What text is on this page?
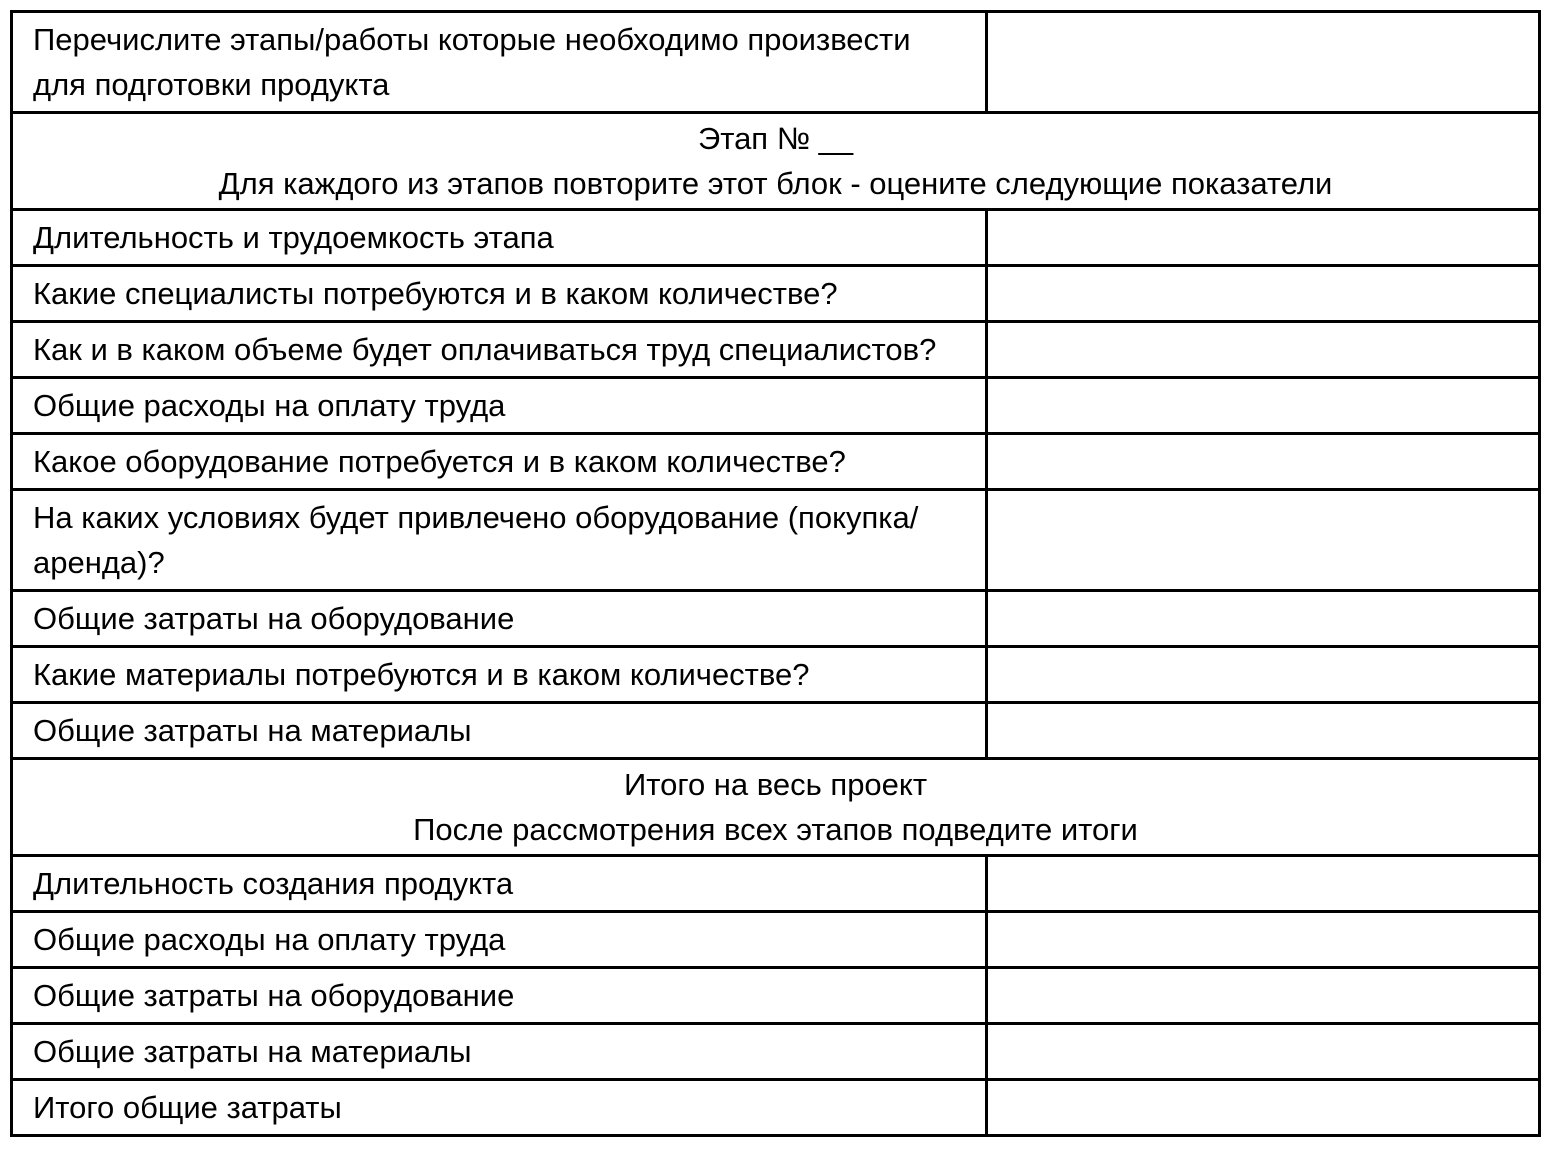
Перечислите этапы/работы которые необходимо произвести для подготовки продукта	

Этап № __
Для каждого из этапов повторите этот блок - оцените следующие показатели	

Длительность и трудоемкость этапа	
Какие специалисты потребуются и в каком количестве?	
Как и в каком объеме будет оплачиваться труд специалистов?	
Общие расходы на оплату труда	
Какое оборудование потребуется и в каком количестве?	
На каких условиях будет привлечено оборудование (покупка/аренда)?	
Общие затраты на оборудование	
Какие материалы потребуются и в каком количестве?	
Общие затраты на материалы	

Итого на весь проект
После рассмотрения всех этапов подведите итоги	

Длительность создания продукта	
Общие расходы на оплату труда	
Общие затраты на оборудование	
Общие затраты на материалы	
Итого общие затраты	
